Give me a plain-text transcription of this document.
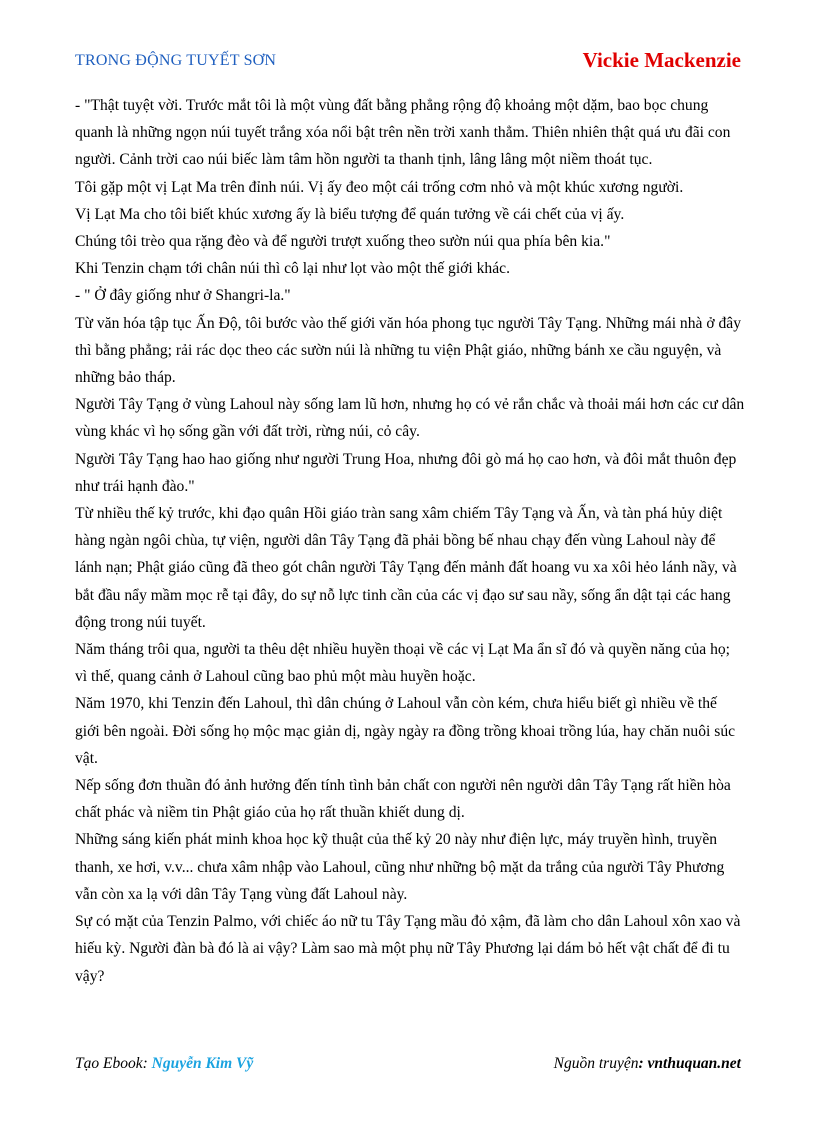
TRONG ĐỘNG TUYẾT SƠN	Vickie Mackenzie

- "Thật tuyệt vời. Trước mắt tôi là một vùng đất bằng phẳng rộng độ khoảng một dặm, bao bọc chung quanh là những ngọn núi tuyết trắng xóa nổi bật trên nền trời xanh thẳm. Thiên nhiên thật quá ưu đãi con người. Cảnh trời cao núi biếc làm tâm hồn người ta thanh tịnh, lâng lâng một niềm thoát tục.

Tôi gặp một vị Lạt Ma trên đỉnh núi. Vị ấy đeo một cái trống cơm nhỏ và một khúc xương người.

Vị Lạt Ma cho tôi biết khúc xương ấy là biểu tượng để quán tưởng về cái chết của vị ấy.

Chúng tôi trèo qua rặng đèo và để người trượt xuống theo sườn núi qua phía bên kia."

Khi Tenzin chạm tới chân núi thì cô lại như lọt vào một thế giới khác.

- " Ở đây giống như ở Shangri-la."

Từ văn hóa tập tục Ấn Độ, tôi bước vào thế giới văn hóa phong tục người Tây Tạng. Những mái nhà ở đây thì bằng phẳng; rải rác dọc theo các sườn núi là những tu viện Phật giáo, những bánh xe cầu nguyện, và những bảo tháp.

Người Tây Tạng ở vùng Lahoul này sống lam lũ hơn, nhưng họ có vẻ rắn chắc và thoải mái hơn các cư dân vùng khác vì họ sống gần với đất trời, rừng núi, cỏ cây.

Người Tây Tạng hao hao giống như người Trung Hoa, nhưng đôi gò má họ cao hơn, và đôi mắt thuôn đẹp như trái hạnh đào."

Từ nhiều thế kỷ trước, khi đạo quân Hồi giáo tràn sang xâm chiếm Tây Tạng và Ấn, và tàn phá hủy diệt hàng ngàn ngôi chùa, tự viện, người dân Tây Tạng đã phải bồng bế nhau chạy đến vùng Lahoul này để lánh nạn; Phật giáo cũng đã theo gót chân người Tây Tạng đến mảnh đất hoang vu xa xôi hẻo lánh nầy, và bắt đầu nẩy mầm mọc rễ tại đây, do sự nỗ lực tinh cần của các vị đạo sư sau nầy, sống ẩn dật tại các hang động trong núi tuyết.

Năm tháng trôi qua, người ta thêu dệt nhiều huyền thoại về các vị Lạt Ma ẩn sĩ đó và quyền năng của họ; vì thế, quang cảnh ở Lahoul cũng bao phủ một màu huyền hoặc.

Năm 1970, khi Tenzin đến Lahoul, thì dân chúng ở Lahoul vẫn còn kém, chưa hiểu biết gì nhiều về thế giới bên ngoài. Đời sống họ mộc mạc giản dị, ngày ngày ra đồng trồng khoai trồng lúa, hay chăn nuôi súc vật.

Nếp sống đơn thuần đó ảnh hưởng đến tính tình bản chất con người nên người dân Tây Tạng rất hiền hòa chất phác và niềm tin Phật giáo của họ rất thuần khiết dung dị.

Những sáng kiến phát minh khoa học kỹ thuật của thế kỷ 20 này như điện lực, máy truyền hình, truyền thanh, xe hơi, v.v... chưa xâm nhập vào Lahoul, cũng như những bộ mặt da trắng của người Tây Phương vẫn còn xa lạ với dân Tây Tạng vùng đất Lahoul này.

Sự có mặt của Tenzin Palmo, với chiếc áo nữ tu Tây Tạng mầu đỏ xậm, đã làm cho dân Lahoul xôn xao và hiếu kỳ. Người đàn bà đó là ai vậy? Làm sao mà một phụ nữ Tây Phương lại dám bỏ hết vật chất để đi tu vậy?

Tạo Ebook: Nguyễn Kim Vỹ	Nguồn truyện: vnthuquan.net
